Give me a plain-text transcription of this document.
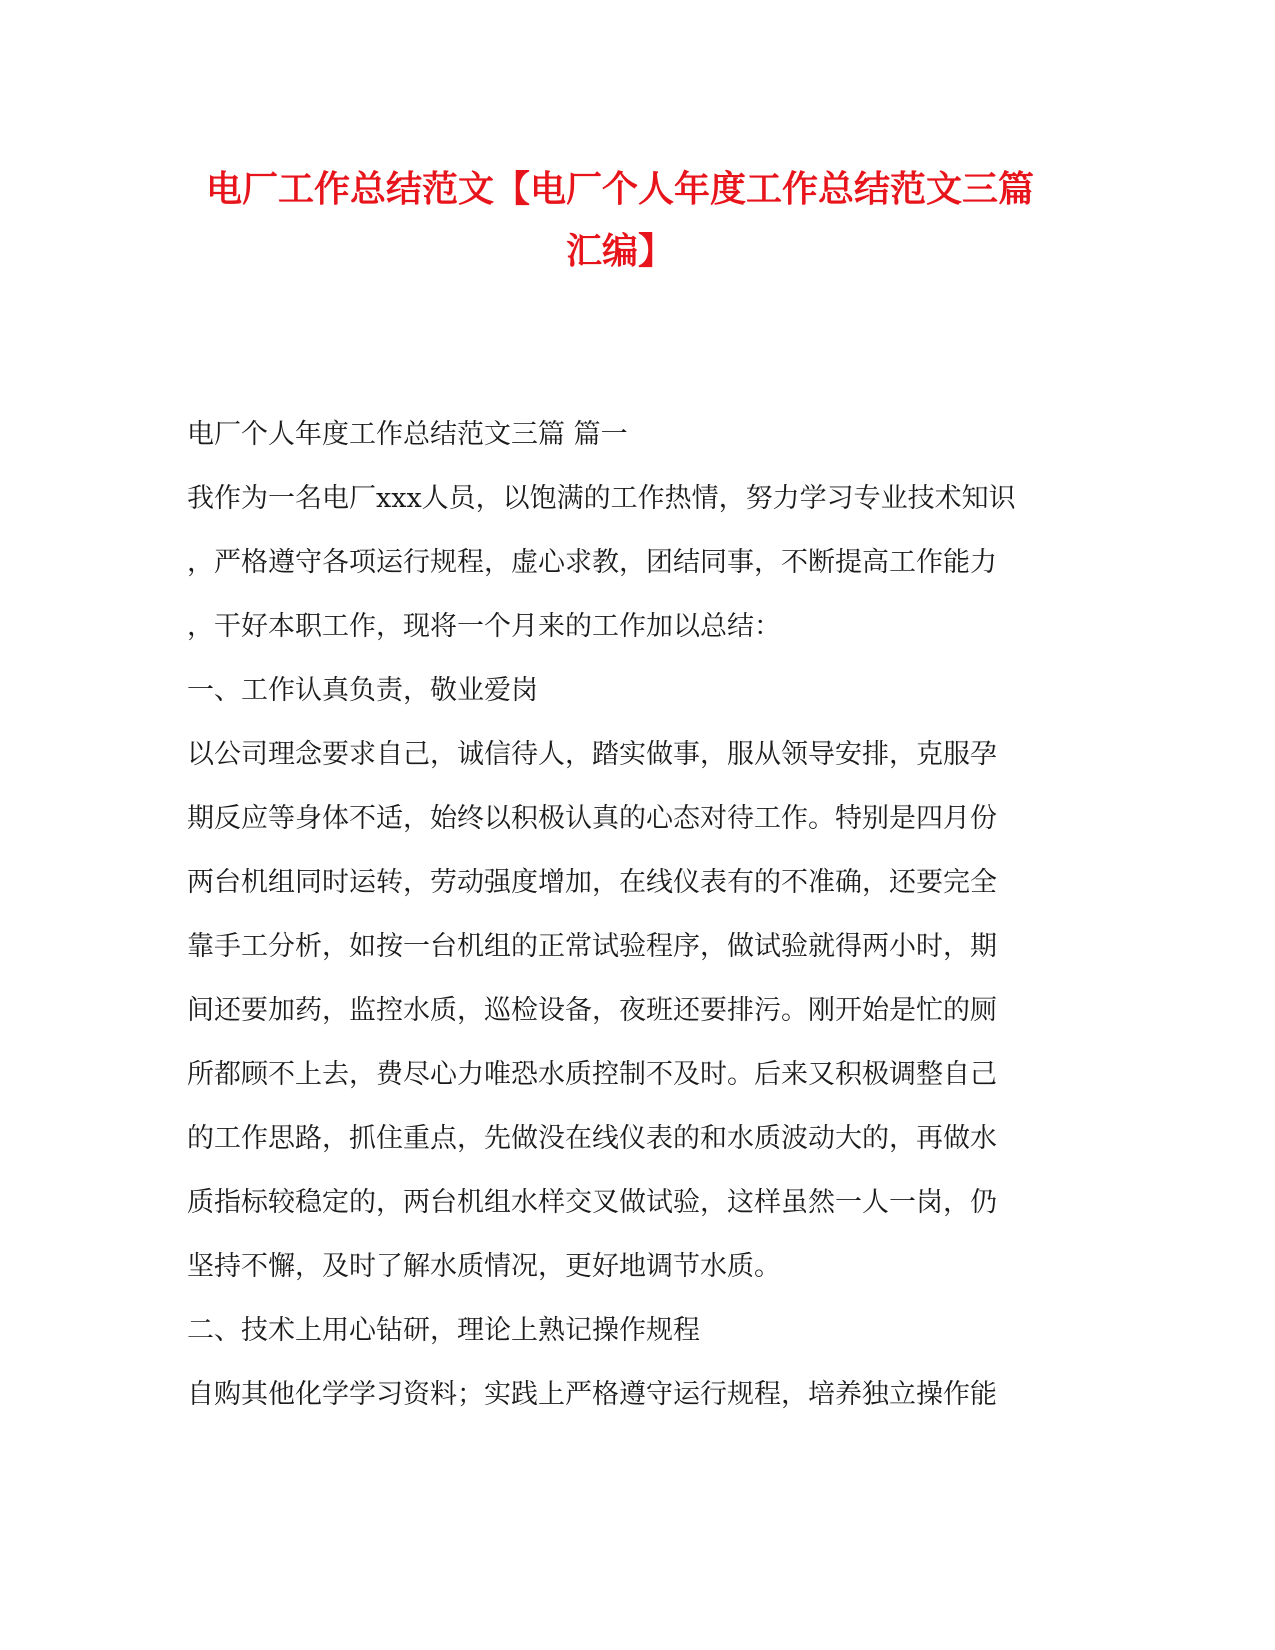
电厂工作总结范文【电厂个人年度工作总结范文三篇
汇编】

电厂个人年度工作总结范文三篇 篇一

我作为一名电厂xxx人员，以饱满的工作热情，努力学习专业技术知识

，严格遵守各项运行规程，虚心求教，团结同事，不断提高工作能力

，干好本职工作，现将一个月来的工作加以总结：

一、工作认真负责，敬业爱岗

以公司理念要求自己，诚信待人，踏实做事，服从领导安排，克服孕

期反应等身体不适，始终以积极认真的心态对待工作。特别是四月份

两台机组同时运转，劳动强度增加，在线仪表有的不准确，还要完全

靠手工分析，如按一台机组的正常试验程序，做试验就得两小时，期

间还要加药，监控水质，巡检设备，夜班还要排污。刚开始是忙的厕

所都顾不上去，费尽心力唯恐水质控制不及时。后来又积极调整自己

的工作思路，抓住重点，先做没在线仪表的和水质波动大的，再做水

质指标较稳定的，两台机组水样交叉做试验，这样虽然一人一岗，仍

坚持不懈，及时了解水质情况，更好地调节水质。

二、技术上用心钻研，理论上熟记操作规程

自购其他化学学习资料；实践上严格遵守运行规程，培养独立操作能
